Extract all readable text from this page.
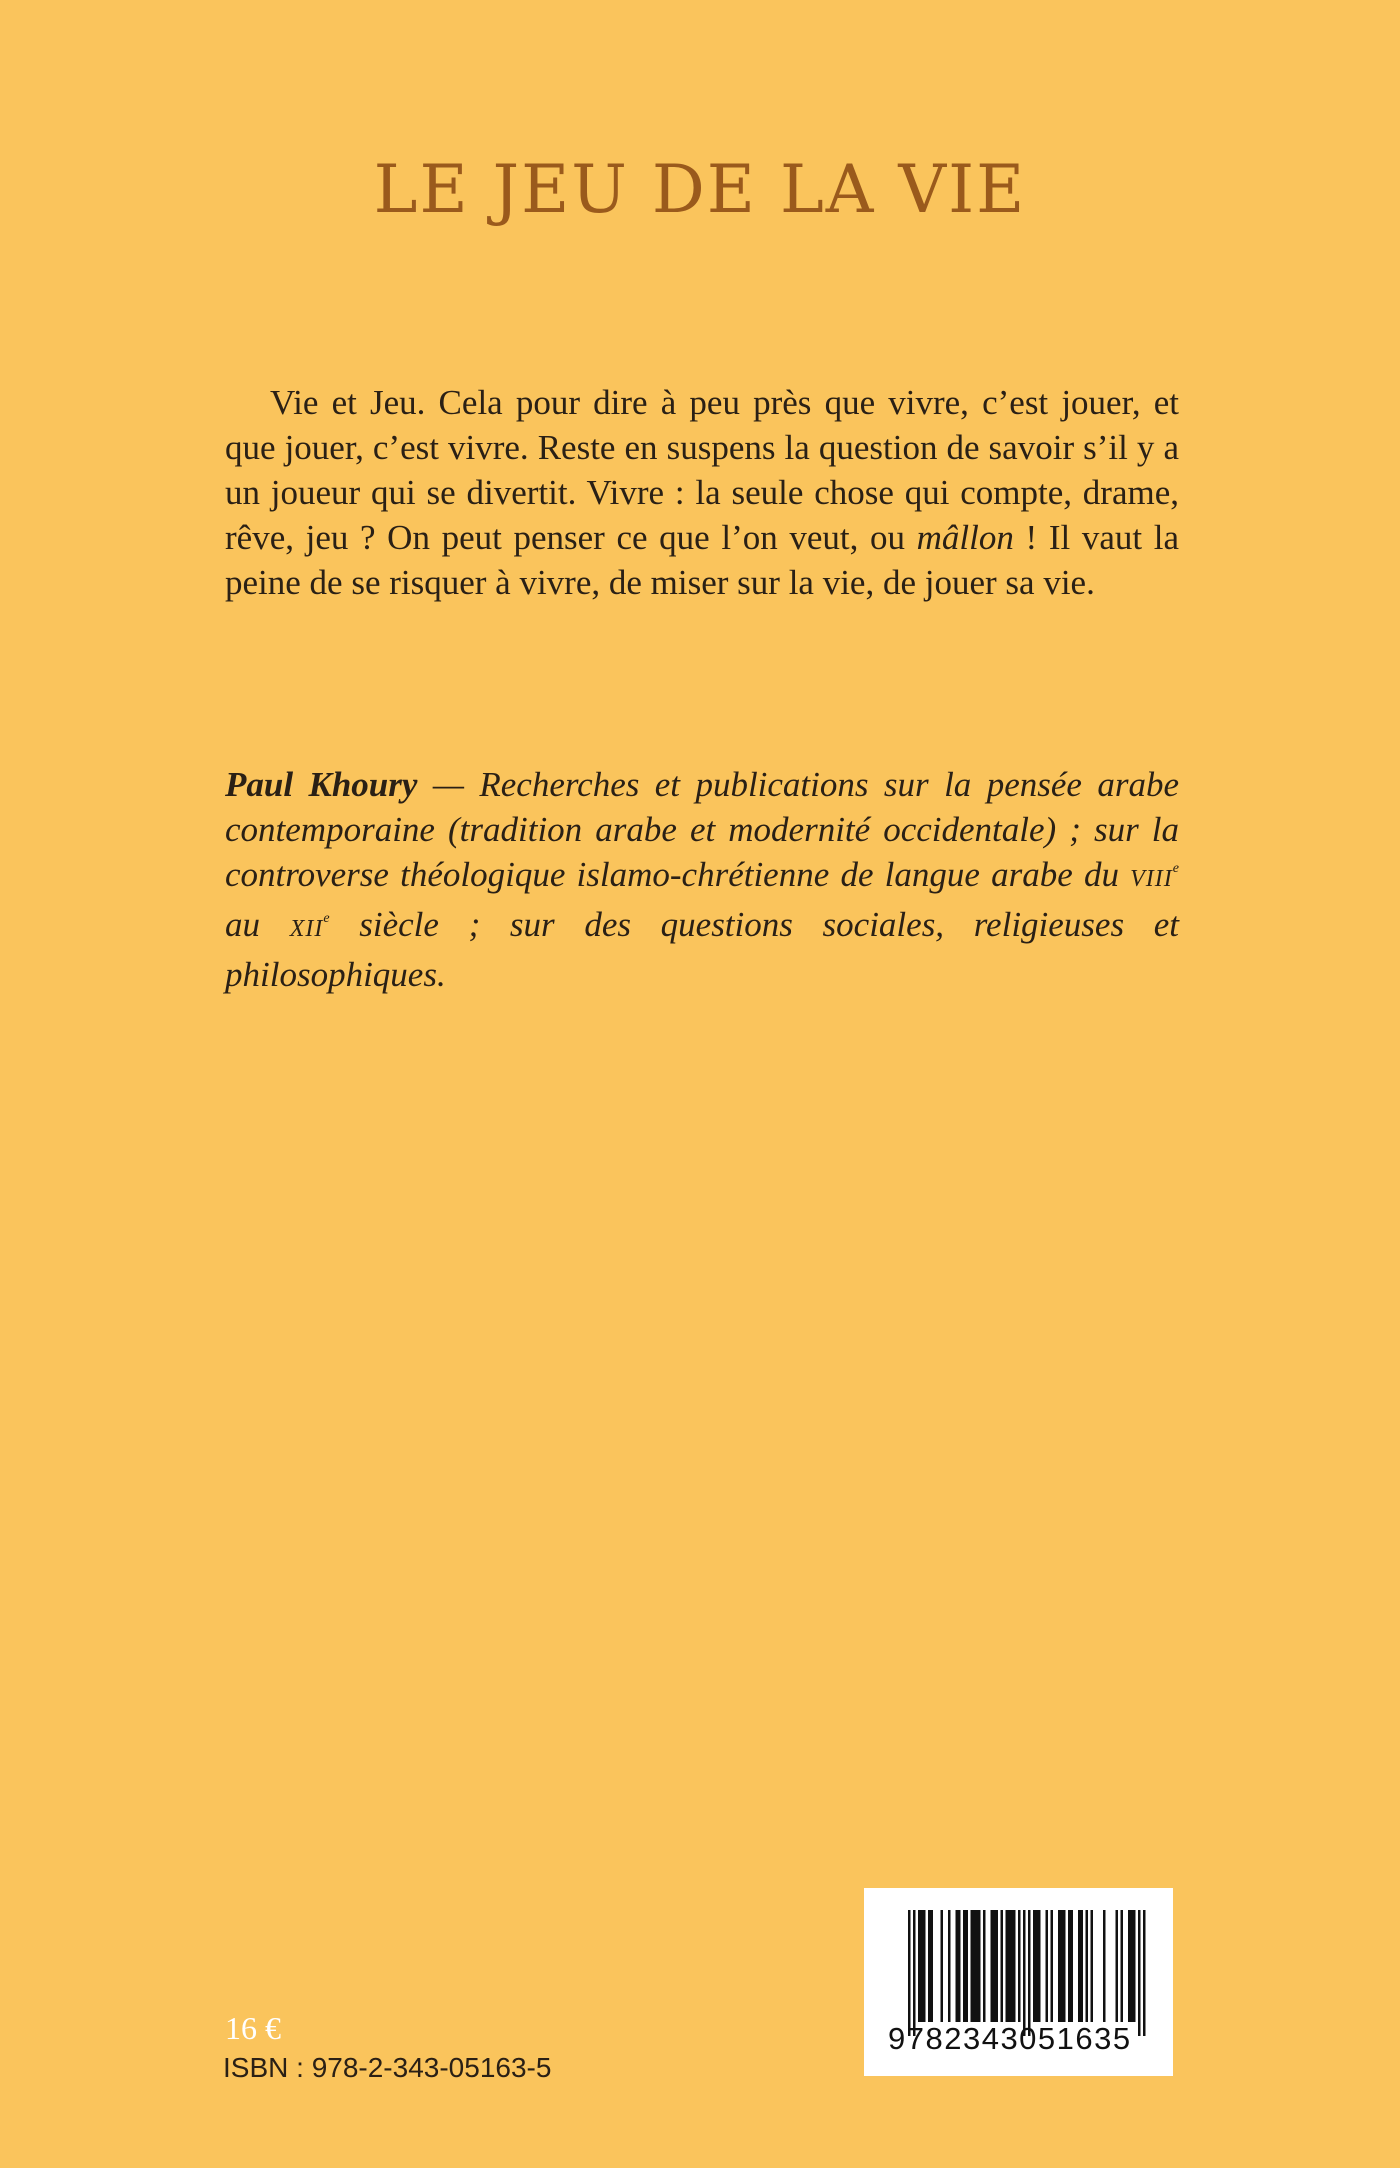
LE JEU DE LA VIE

Vie et Jeu. Cela pour dire à peu près que vivre, c’est jouer, et que jouer, c’est vivre. Reste en suspens la question de savoir s’il y a un joueur qui se divertit. Vivre : la seule chose qui compte, drame, rêve, jeu ? On peut penser ce que l’on veut, ou mâllon ! Il vaut la peine de se risquer à vivre, de miser sur la vie, de jouer sa vie.

Paul Khoury — Recherches et publications sur la pensée arabe contemporaine (tradition arabe et modernité occidentale) ; sur la controverse théologique islamo-chrétienne de langue arabe du VIIIe au XIIe siècle ; sur des questions sociales, religieuses et philosophiques.

16 €
ISBN : 978-2-343-05163-5
9782343051635
